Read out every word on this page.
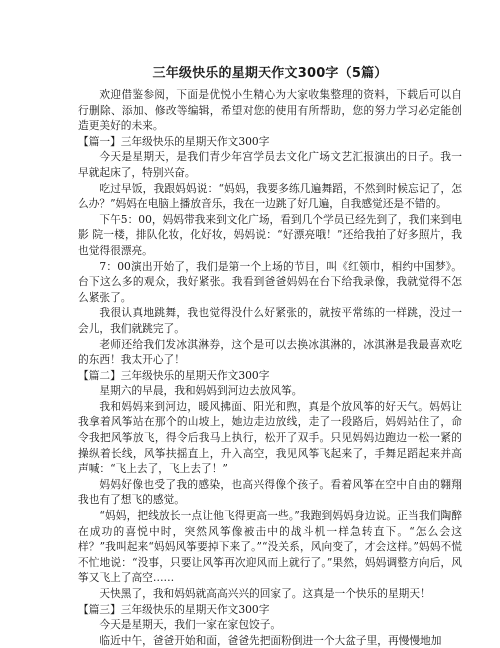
三年级快乐的星期天作文300字（5篇）

欢迎借鉴参阅，下面是优悦小生精心为大家收集整理的资料，下载后可以自行删除、添加、修改等编辑，希望对您的使用有所帮助，您的努力学习必定能创造更美好的未来。

【篇一】三年级快乐的星期天作文300字

今天是星期天，是我们青少年宫学员去文化广场文艺汇报演出的日子。我一早就起床了，特别兴奋。

吃过早饭，我跟妈妈说：“妈妈，我要多练几遍舞蹈，不然到时候忘记了，怎么办？”妈妈在电脑上播放音乐，我在一边跳了好几遍，自我感觉还是不错的。

下午5：00，妈妈带我来到文化广场，看到几个学员已经先到了，我们来到电影 院一楼，排队化妆，化好妆，妈妈说：“好漂亮哦！”还给我拍了好多照片，我也觉得很漂亮。

7：00演出开始了，我们是第一个上场的节目，叫《红领巾，相约中国梦》。台下这么多的观众，我好紧张。我看到爸爸妈妈在台下给我录像，我就觉得不怎么紧张了。

我很认真地跳舞，我也觉得没什么好紧张的，就按平常练的一样跳，没过一会儿，我们就跳完了。

老师还给我们发冰淇淋券，这个是可以去换冰淇淋的，冰淇淋是我最喜欢吃的东西！我太开心了！

【篇二】三年级快乐的星期天作文300字

星期六的早晨，我和妈妈到河边去放风筝。

我和妈妈来到河边，暖风拂面、阳光和煦，真是个放风筝的好天气。妈妈让我拿着风筝站在那个的山坡上，她边走边放线，走了一段路后，妈妈站住了，命令我把风筝放飞，得令后我马上执行，松开了双手。只见妈妈边跑边一松一紧的操纵着长线，风筝扶摇直上，升入高空，我见风筝飞起来了，手舞足蹈起来并高声喊：“飞上去了，飞上去了！”

妈妈好像也受了我的感染，也高兴得像个孩子。看着风筝在空中自由的翱翔我也有了想飞的感觉。

“妈妈，把线放长一点让他飞得更高一些。”我跑到妈妈身边说。正当我们陶醉在成功的喜悦中时，突然风筝像被击中的战斗机一样急转直下。“怎么会这样？”我叫起来“妈妈风筝要掉下来了。”“没关系，风向变了，才会这样。”妈妈不慌不忙地说：“没事，只要让风筝再次迎风而上就行了。”果然，妈妈调整方向后，风筝又飞上了高空……

天快黑了，我和妈妈就高高兴兴的回家了。这真是一个快乐的星期天！

【篇三】三年级快乐的星期天作文300字

今天是星期天，我们一家在家包饺子。

临近中午，爸爸开始和面，爸爸先把面粉倒进一个大盆子里，再慢慢地加
